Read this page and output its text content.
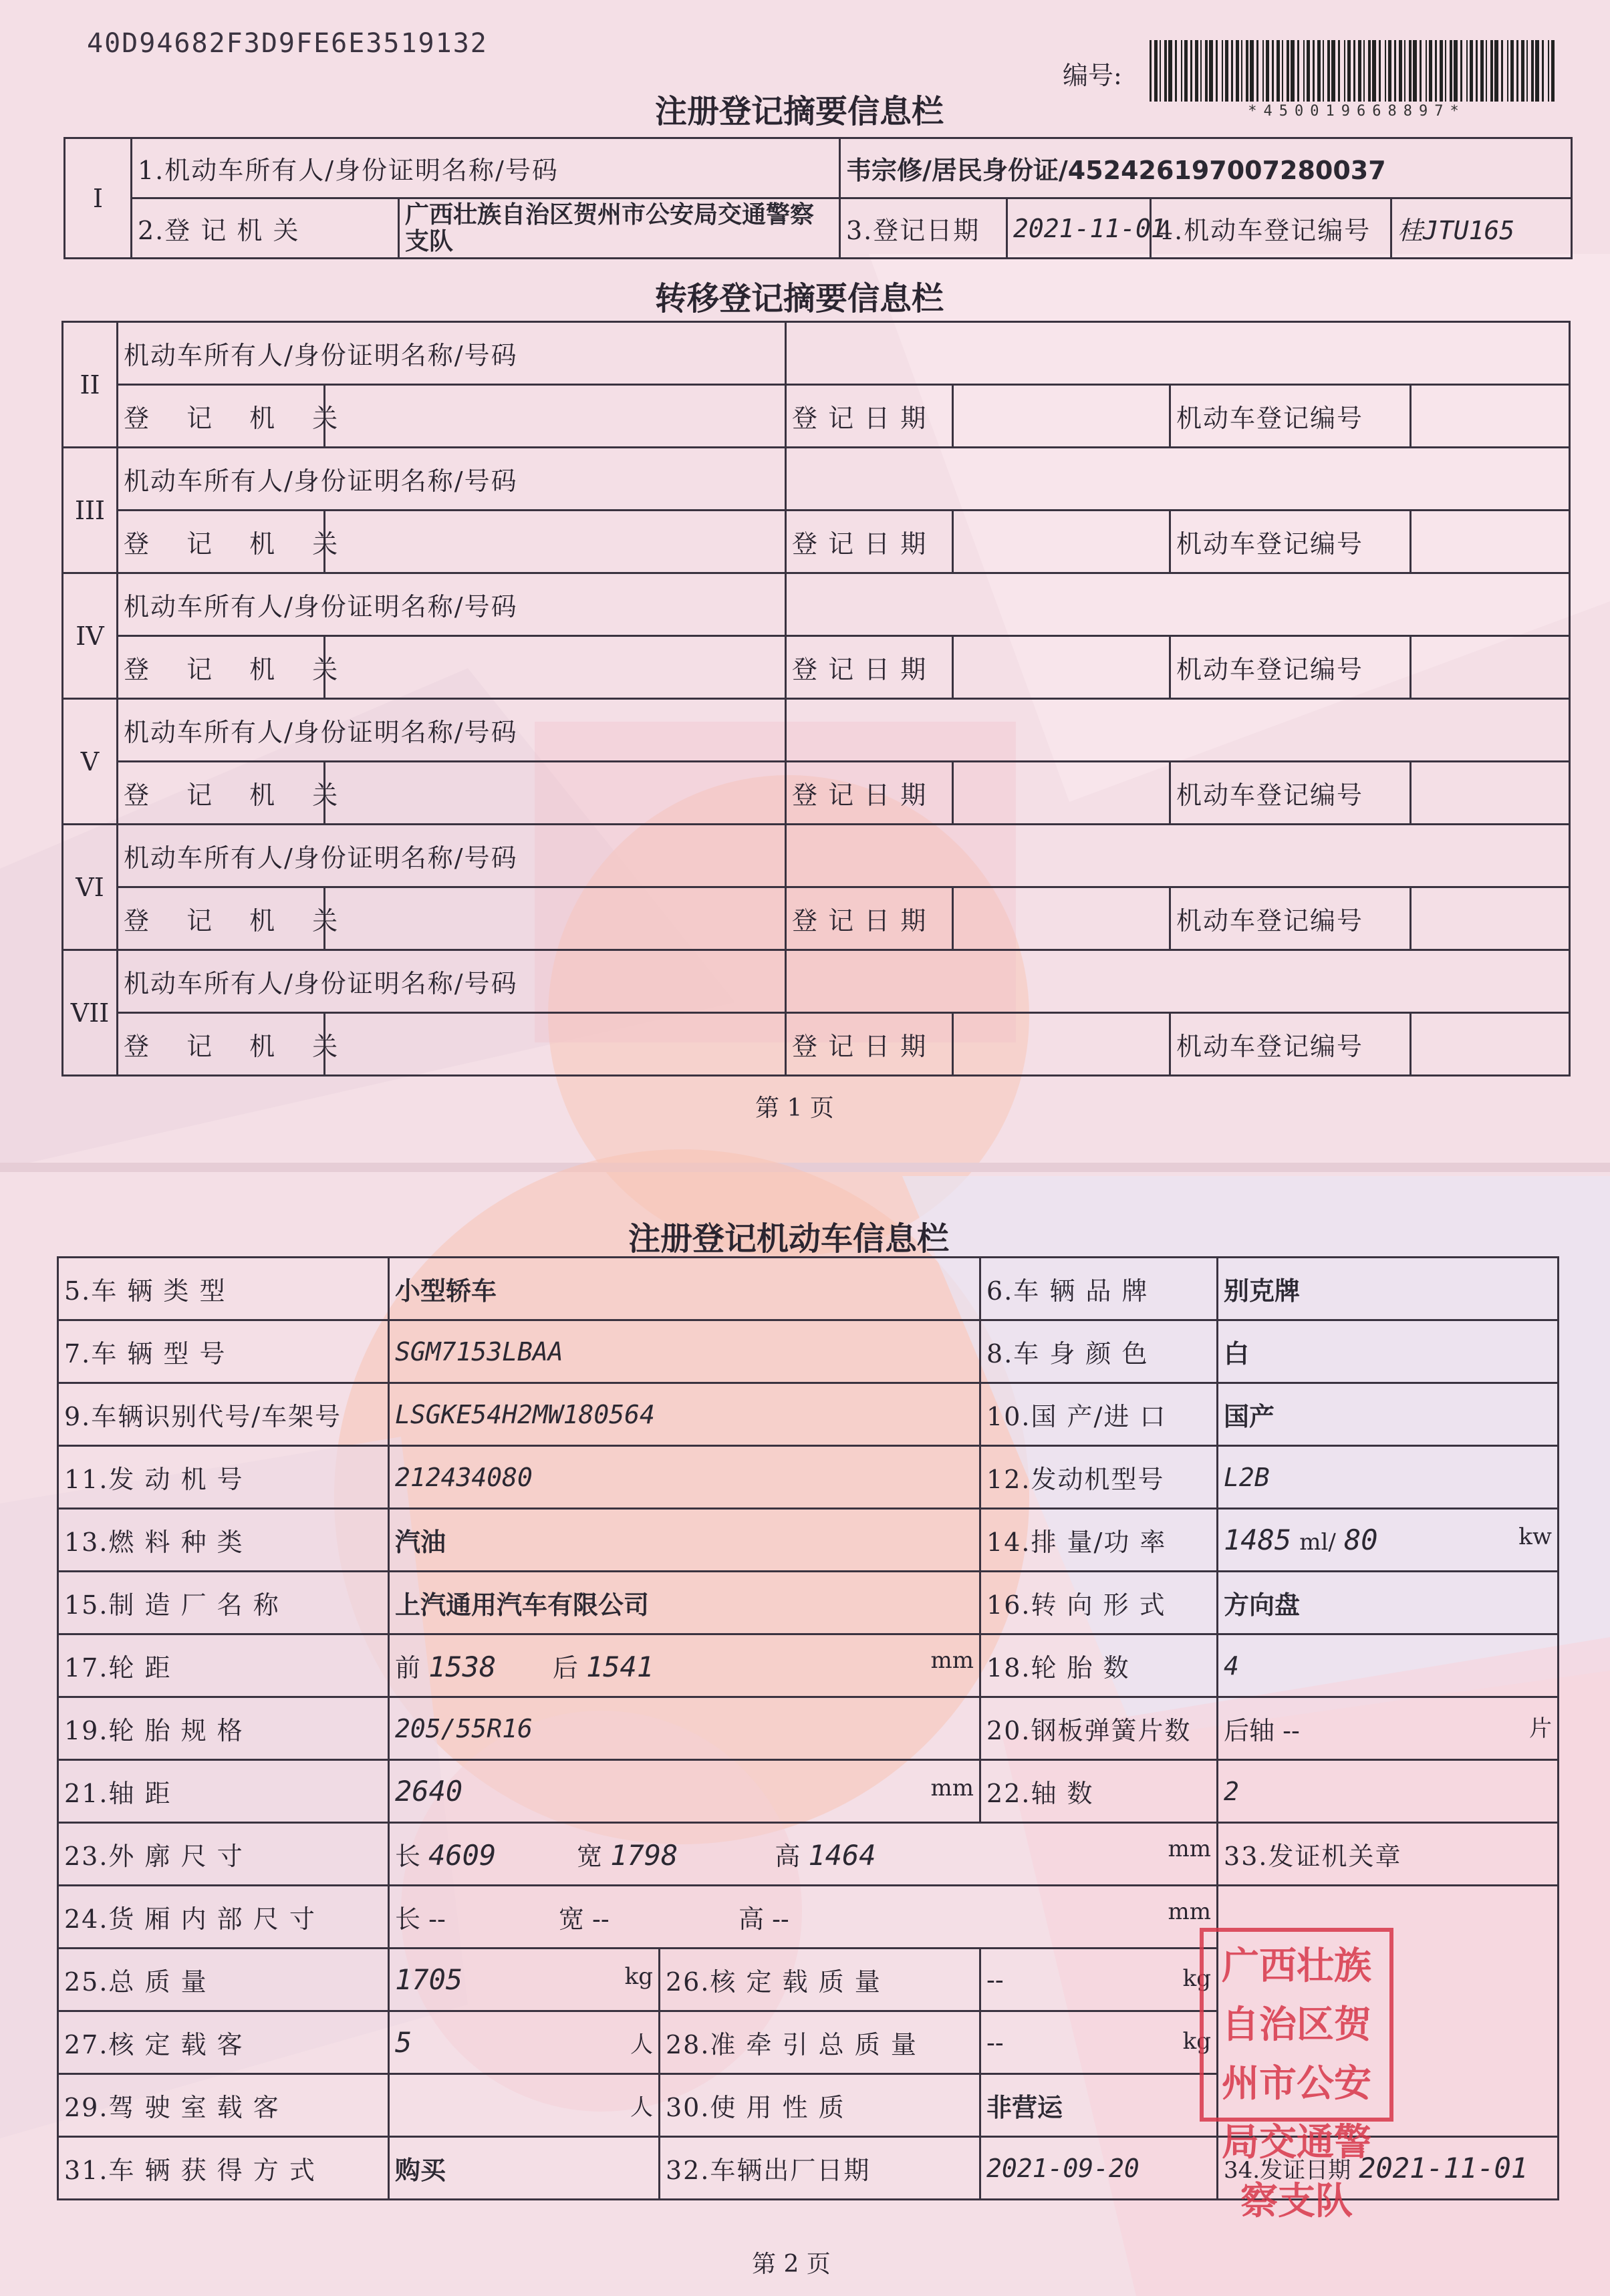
40D94682F3D9FE6E3519132
编号:
*450019668897*
注册登记摘要信息栏
I	1.机动车所有人/身份证明名称/号码		韦宗修/居民身份证/452426197007280037			
	2.登 记 机 关	广西壮族自治区贺州市公安局交通警察支队	3.登记日期	2021-11-01	4.机动车登记编号	桂JTU165
转移登记摘要信息栏
II	机动车所有人/身份证明名称/号码					
	登 记 机 关		登 记 日 期		机动车登记编号	
III	机动车所有人/身份证明名称/号码					
	登 记 机 关		登 记 日 期		机动车登记编号	
IV	机动车所有人/身份证明名称/号码					
	登 记 机 关		登 记 日 期		机动车登记编号	
V	机动车所有人/身份证明名称/号码					
	登 记 机 关		登 记 日 期		机动车登记编号	
VI	机动车所有人/身份证明名称/号码					
	登 记 机 关		登 记 日 期		机动车登记编号	
VII	机动车所有人/身份证明名称/号码					
	登 记 机 关		登 记 日 期		机动车登记编号	
第 1 页
注册登记机动车信息栏
5.车 辆 类 型	小型轿车		6.车 辆 品 牌	别克牌
7.车 辆 型 号	SGM7153LBAA		8.车 身 颜 色	白
9.车辆识别代号/车架号	LSGKE54H2MW180564		10.国 产/进 口	国产
11.发 动 机 号	212434080		12.发动机型号	L2B
13.燃 料 种 类	汽油		14.排 量/功 率	1485 ml/ 80 kw

15.制 造 厂 名 称	上汽通用汽车有限公司		16.转 向 形 式	方向盘
17.轮 距	前 1538 后 1541 mm		18.轮 胎 数	4
19.轮 胎 规 格	205/55R16		20.钢板弹簧片数	后轴 -- 片

21.轴 距	2640 mm		22.轴 数	2
23.外 廓 尺 寸	长 4609 宽 1798 高 1464 mm			33.发证机关章
24.货 厢 内 部 尺 寸	长 -- 宽 -- 高 -- mm			

25.总 质 量	1705 kg	26.核 定 载 质 量	-- kg	

27.核 定 载 客	5 人	28.准 牵 引 总 质 量	-- kg	

29.驾 驶 室 载 客	人	30.使 用 性 质	非营运	
31.车 辆 获 得 方 式	购买	32.车辆出厂日期	2021-09-20	34.发证日期 2021-11-01
广西壮族自治区贺州市公安局交通警察支队
第 2 页
